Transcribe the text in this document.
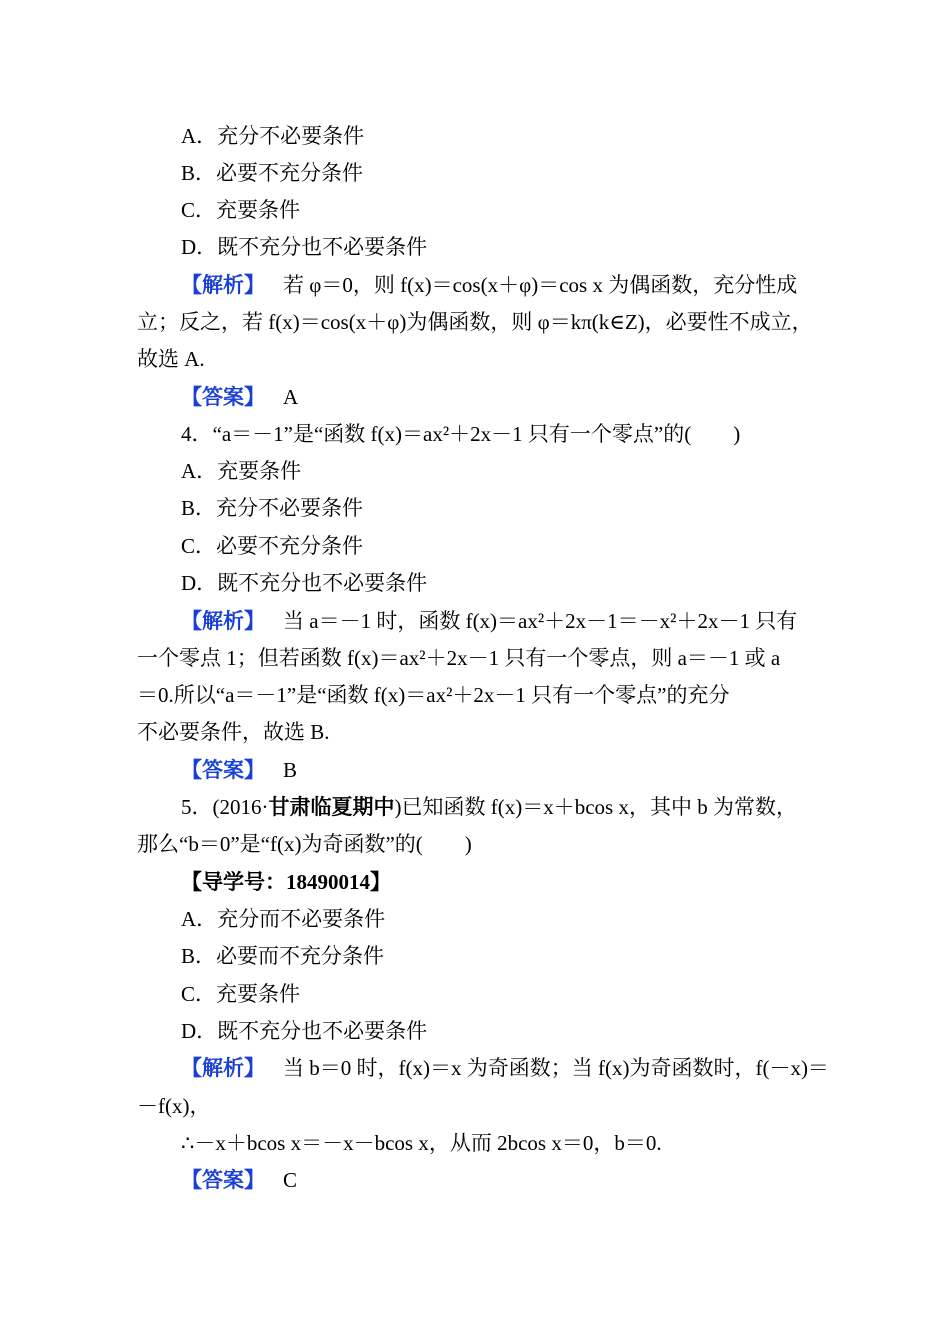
A．充分不必要条件
B．必要不充分条件
C．充要条件
D．既不充分也不必要条件
【解析】 若 φ＝0，则 f(x)＝cos(x＋φ)＝cos x 为偶函数，充分性成
立；反之，若 f(x)＝cos(x＋φ)为偶函数，则 φ＝kπ(k∈Z)，必要性不成立，
故选 A.
【答案】 A
4．“a＝－1”是“函数 f(x)＝ax²＋2x－1 只有一个零点”的(　　)
A．充要条件
B．充分不必要条件
C．必要不充分条件
D．既不充分也不必要条件
【解析】 当 a＝－1 时，函数 f(x)＝ax²＋2x－1＝－x²＋2x－1 只有
一个零点 1；但若函数 f(x)＝ax²＋2x－1 只有一个零点，则 a＝－1 或 a
＝0.所以“a＝－1”是“函数 f(x)＝ax²＋2x－1 只有一个零点”的充分
不必要条件，故选 B.
【答案】 B
5．(2016·甘肃临夏期中)已知函数 f(x)＝x＋bcos x，其中 b 为常数，
那么“b＝0”是“f(x)为奇函数”的(　　)
【导学号：18490014】
A．充分而不必要条件
B．必要而不充分条件
C．充要条件
D．既不充分也不必要条件
【解析】 当 b＝0 时，f(x)＝x 为奇函数；当 f(x)为奇函数时，f(－x)＝
－f(x)，
∴－x＋bcos x＝－x－bcos x，从而 2bcos x＝0，b＝0.
【答案】 C
